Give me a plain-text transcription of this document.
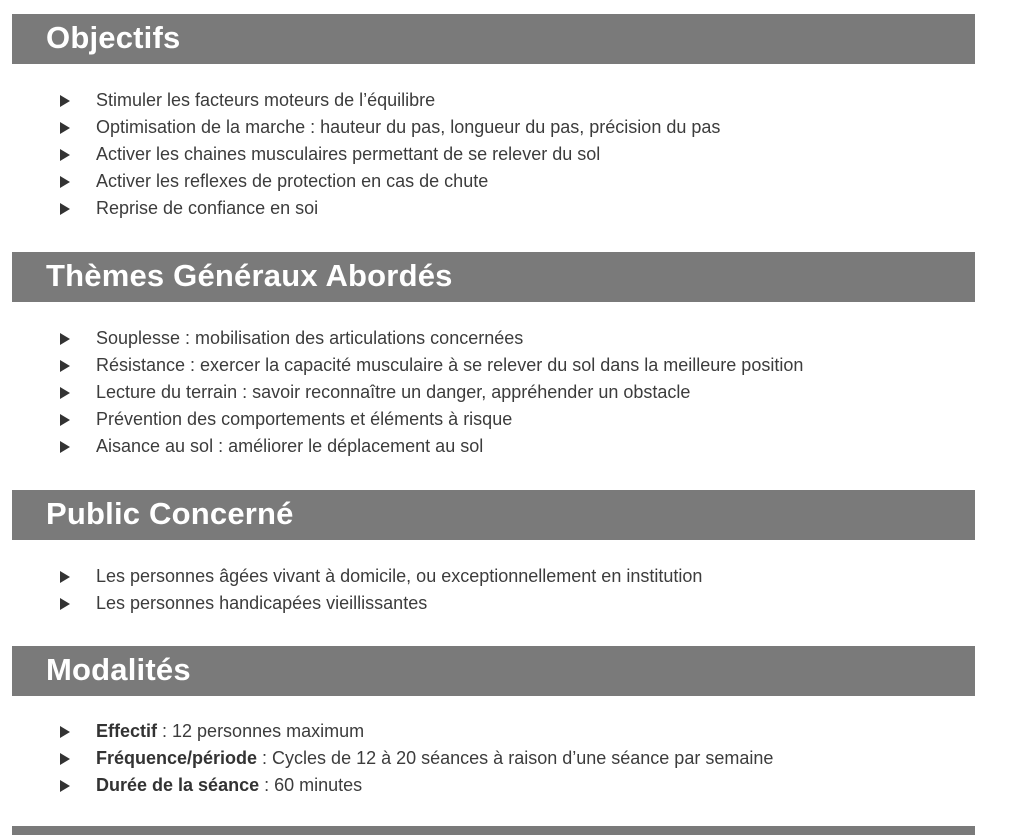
Objectifs
Stimuler les facteurs moteurs de l’équilibre
Optimisation de la marche : hauteur du pas, longueur du pas, précision du pas
Activer les chaines musculaires permettant de se relever du sol
Activer les reflexes de protection en cas de chute
Reprise de confiance en soi
Thèmes Généraux Abordés
Souplesse : mobilisation des articulations concernées
Résistance : exercer la capacité musculaire à se relever du sol dans la meilleure position
Lecture du terrain : savoir reconnaître un danger, appréhender un obstacle
Prévention des comportements et éléments à risque
Aisance au sol : améliorer le déplacement au sol
Public Concerné
Les personnes âgées vivant à domicile, ou exceptionnellement en institution
Les personnes handicapées vieillissantes
Modalités
Effectif : 12 personnes maximum
Fréquence/période : Cycles de 12 à 20 séances à raison d’une séance par semaine
Durée de la séance : 60 minutes
